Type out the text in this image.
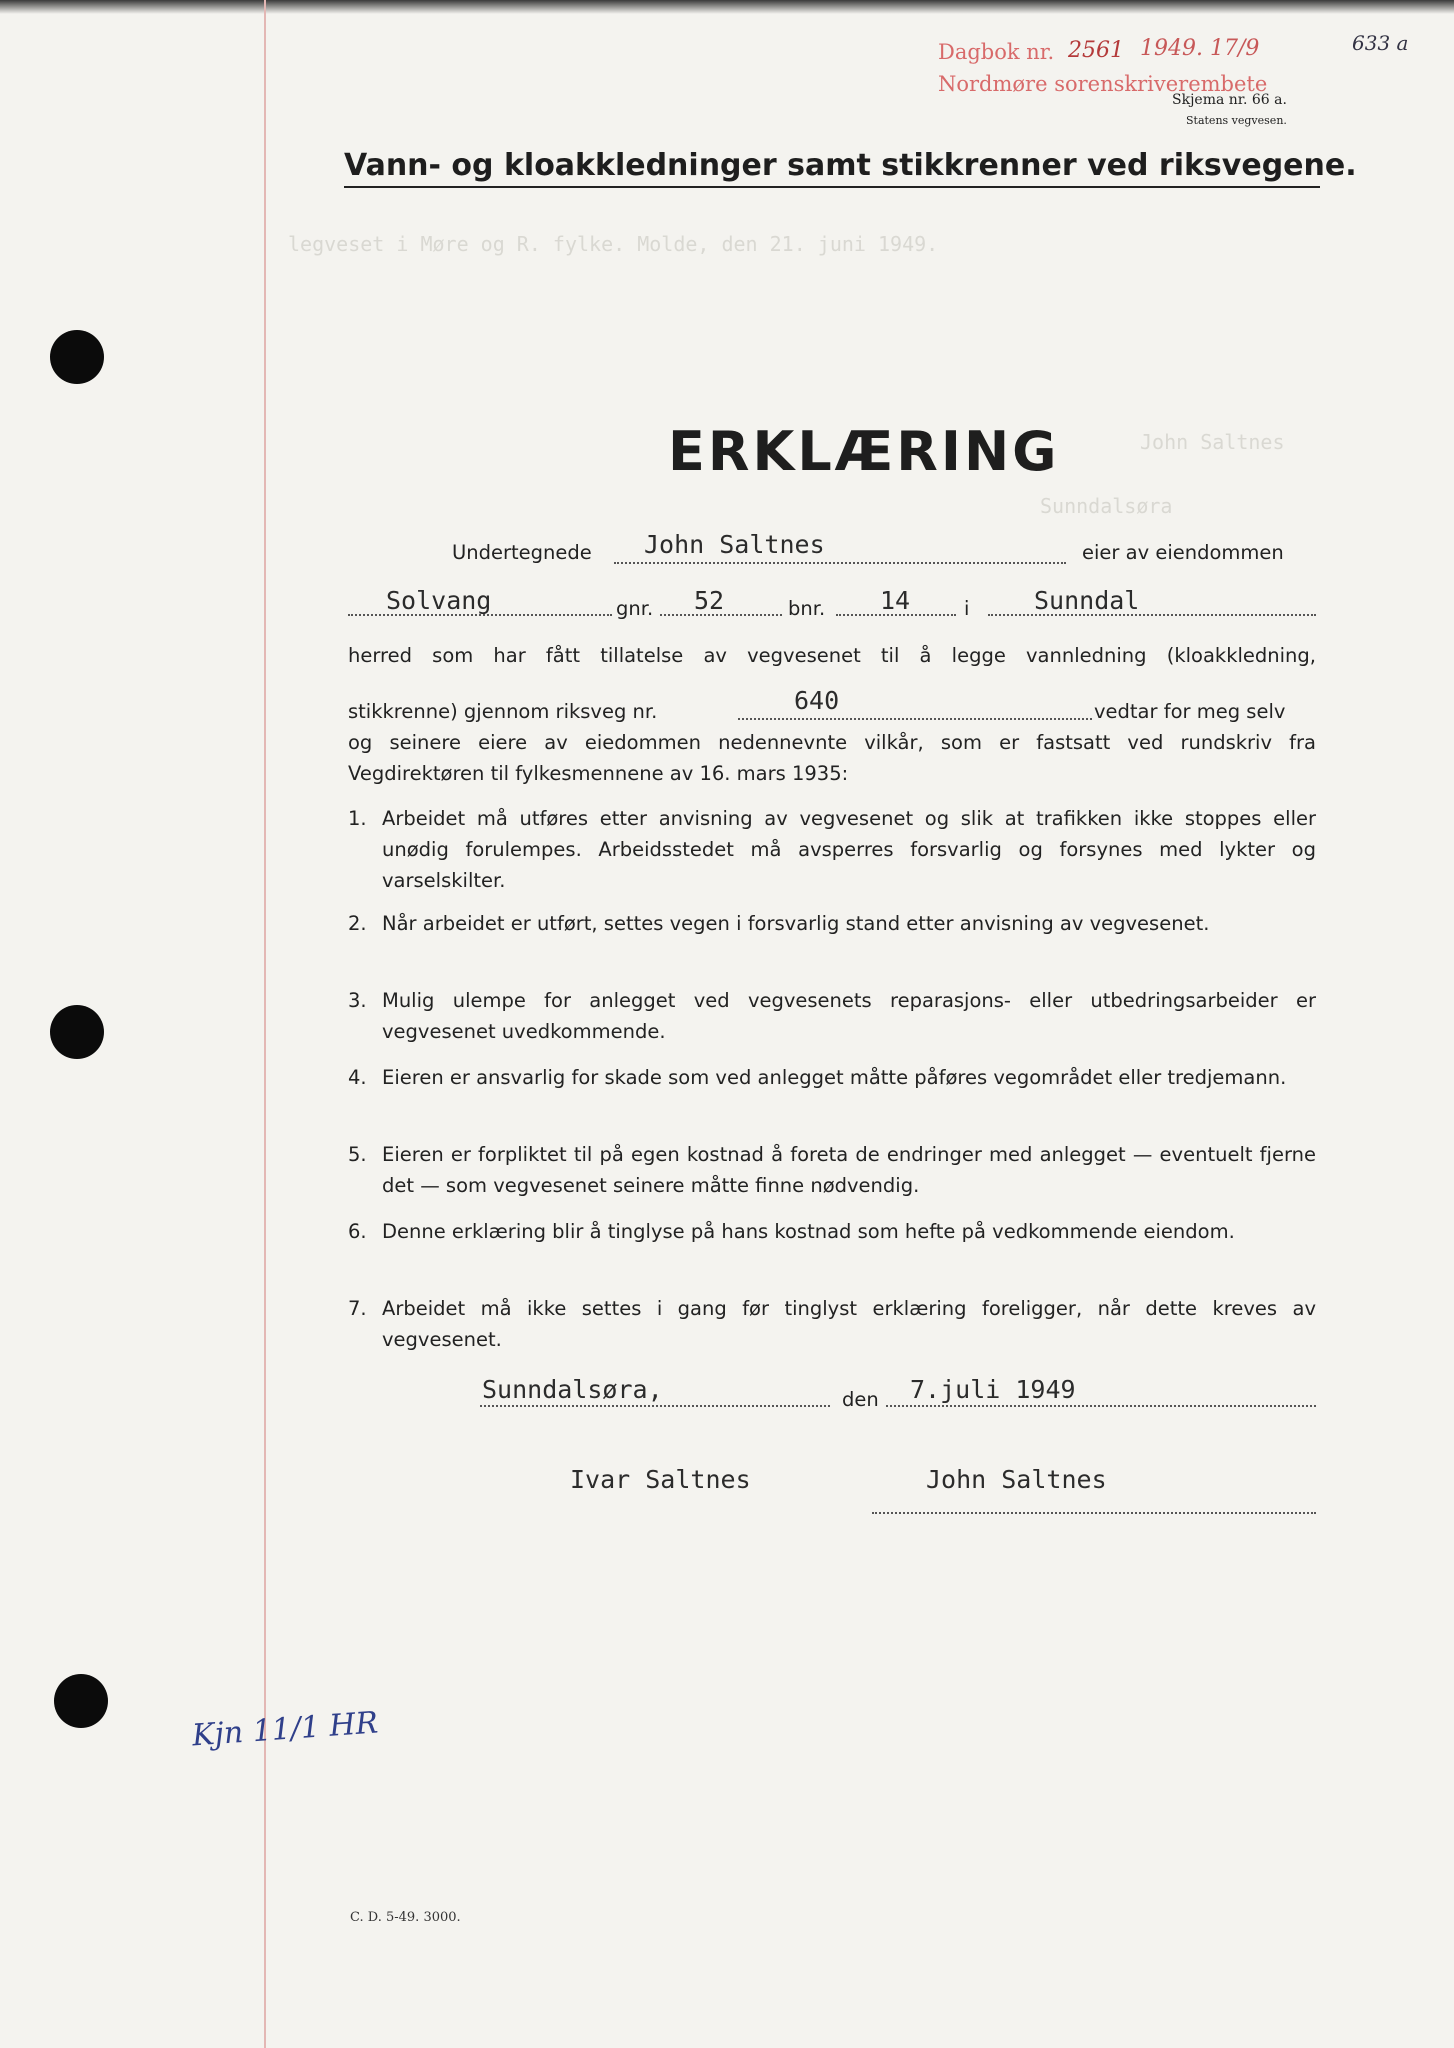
legveset i Møre og R. fylke. Molde, den 21. juni 1949.
John Saltnes
Sunndalsøra
Dagbok nr. 2561 1949. 17/9
Nordmøre sorenskriverembete
633 a
Skjema nr. 66 a.
Statens vegvesen.
Vann- og kloakkledninger samt stikkrenner ved riksvegene.
ERKLÆRING
Undertegnede John Saltnes	eier av eiendommen
Solvang	gnr. 52	bnr. 14	i	Sunndal
herred som har fått tillatelse av vegvesenet til å legge vannledning (kloakkledning,
stikkrenne) gjennom riksveg nr.	640	vedtar for meg selv
og seinere eiere av eiedommen nedennevnte vilkår, som er fastsatt ved rundskriv fra Vegdirektøren til fylkesmennene av 16. mars 1935:
1. Arbeidet må utføres etter anvisning av vegvesenet og slik at trafikken ikke stoppes eller unødig forulempes. Arbeidsstedet må avsperres forsvarlig og forsynes med lykter og varselskilter.
2. Når arbeidet er utført, settes vegen i forsvarlig stand etter anvisning av vegvesenet.
3. Mulig ulempe for anlegget ved vegvesenets reparasjons- eller utbedringsarbeider er vegvesenet uvedkommende.
4. Eieren er ansvarlig for skade som ved anlegget måtte påføres vegområdet eller tredjemann.
5. Eieren er forpliktet til på egen kostnad å foreta de endringer med anlegget — eventuelt fjerne det — som vegvesenet seinere måtte finne nødvendig.
6. Denne erklæring blir å tinglyse på hans kostnad som hefte på vedkommende eiendom.
7. Arbeidet må ikke settes i gang før tinglyst erklæring foreligger, når dette kreves av vegvesenet.
Sunndalsøra,	den 7.juli 1949
Ivar Saltnes	John Saltnes
Kjn 11/1 HR
C. D. 5-49. 3000.
